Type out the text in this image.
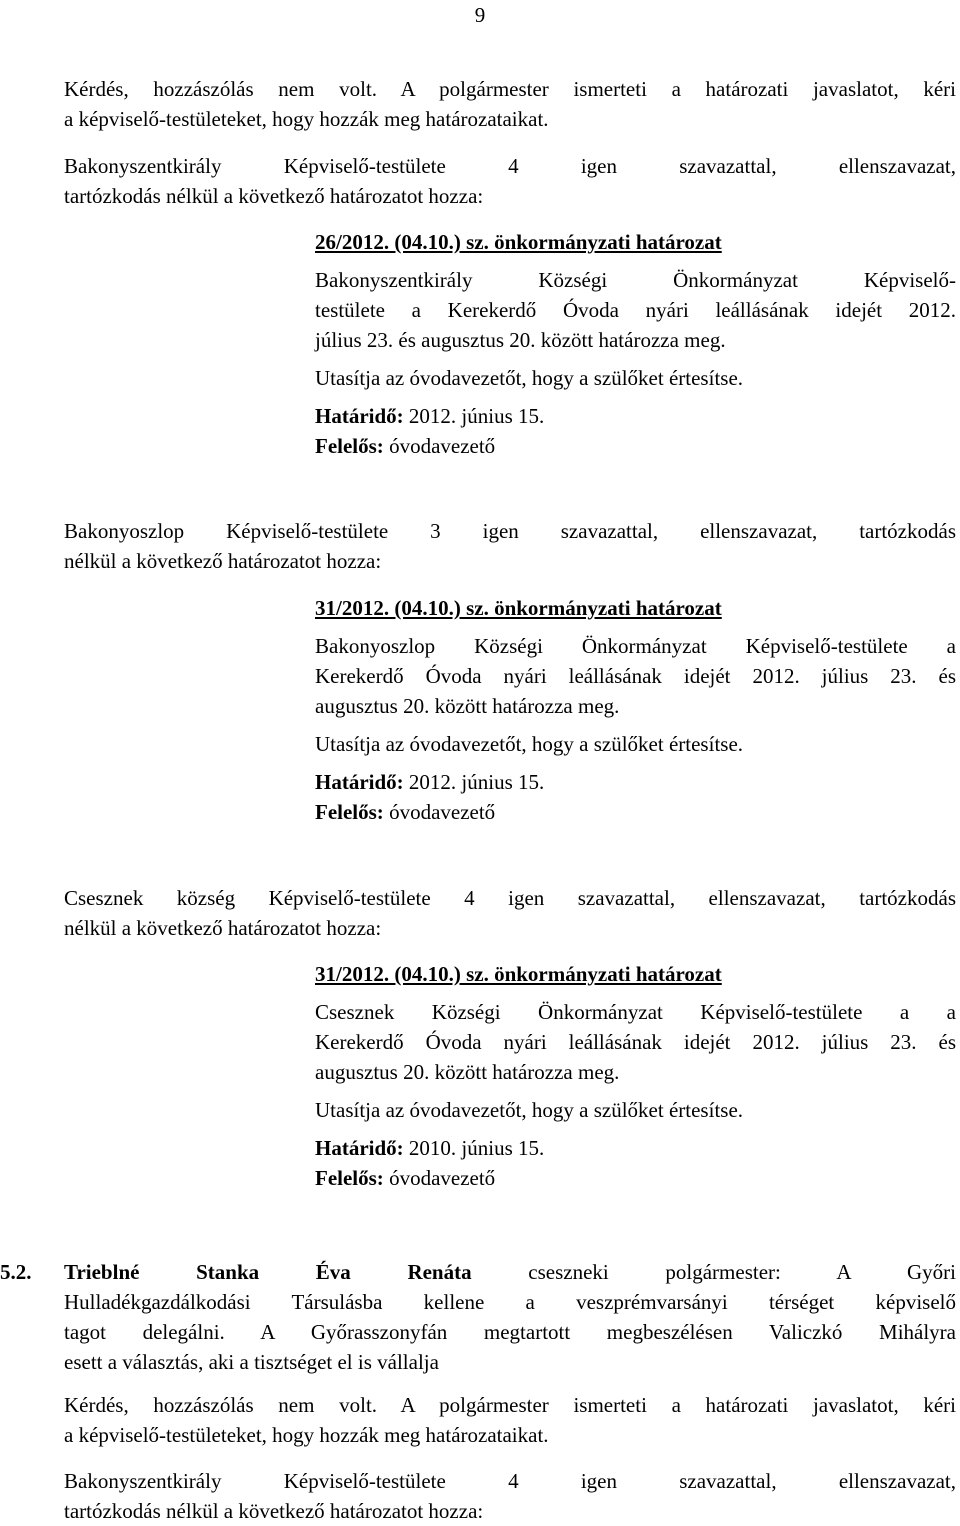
9
Kérdés, hozzászólás nem volt. A polgármester ismerteti a határozati javaslatot, kéri
a képviselő-testületeket, hogy hozzák meg határozataikat.
Bakonyszentkirály Képviselő-testülete 4 igen szavazattal, ellenszavazat,
tartózkodás nélkül a következő határozatot hozza:
26/2012. (04.10.) sz. önkormányzati határozat
Bakonyszentkirály Községi Önkormányzat Képviselő-
testülete a Kerekerdő Óvoda nyári leállásának idejét 2012.
július 23. és augusztus 20. között határozza meg.
Utasítja az óvodavezetőt, hogy a szülőket értesítse.
Határidő: 2012. június 15.
Felelős: óvodavezető
Bakonyoszlop Képviselő-testülete 3 igen szavazattal, ellenszavazat, tartózkodás
nélkül a következő határozatot hozza:
31/2012. (04.10.) sz. önkormányzati határozat
Bakonyoszlop Községi Önkormányzat Képviselő-testülete a
Kerekerdő Óvoda nyári leállásának idejét 2012. július 23. és
augusztus 20. között határozza meg.
Utasítja az óvodavezetőt, hogy a szülőket értesítse.
Határidő: 2012. június 15.
Felelős: óvodavezető
Csesznek község Képviselő-testülete 4 igen szavazattal, ellenszavazat, tartózkodás
nélkül a következő határozatot hozza:
31/2012. (04.10.) sz. önkormányzati határozat
Csesznek Községi Önkormányzat Képviselő-testülete a a
Kerekerdő Óvoda nyári leállásának idejét 2012. július 23. és
augusztus 20. között határozza meg.
Utasítja az óvodavezetőt, hogy a szülőket értesítse.
Határidő: 2010. június 15.
Felelős: óvodavezető
5.2. Trieblné Stanka Éva Renáta cseszneki polgármester: A Győri
Hulladékgazdálkodási Társulásba kellene a veszprémvarsányi térséget képviselő
tagot delegálni. A Győrasszonyfán megtartott megbeszélésen Valiczkó Mihályra
esett a választás, aki a tisztséget el is vállalja
Kérdés, hozzászólás nem volt. A polgármester ismerteti a határozati javaslatot, kéri
a képviselő-testületeket, hogy hozzák meg határozataikat.
Bakonyszentkirály Képviselő-testülete 4 igen szavazattal, ellenszavazat,
tartózkodás nélkül a következő határozatot hozza:
